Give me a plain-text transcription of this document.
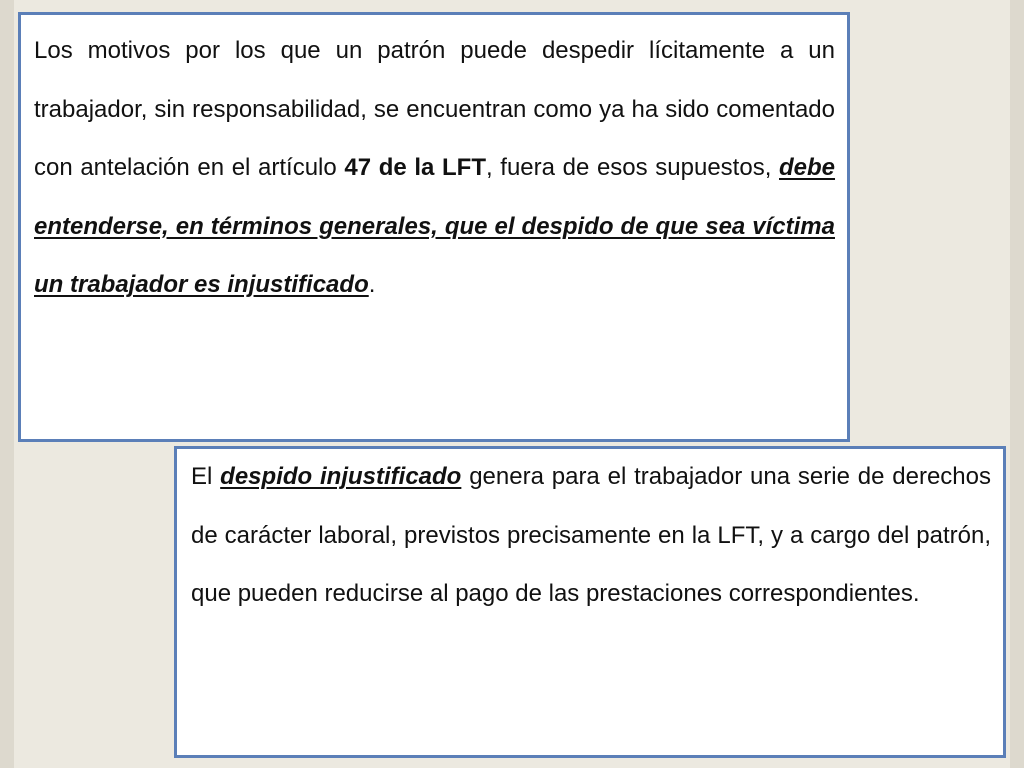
Los motivos por los que un patrón puede despedir lícitamente a un trabajador, sin responsabilidad, se encuentran como ya ha sido comentado con antelación en el artículo 47 de la LFT, fuera de esos supuestos, debe entenderse, en términos generales, que el despido de que sea víctima un trabajador es injustificado.

El despido injustificado genera para el trabajador una serie de derechos de carácter laboral, previstos precisamente en la LFT, y a cargo del patrón, que pueden reducirse al pago de las prestaciones correspondientes.
